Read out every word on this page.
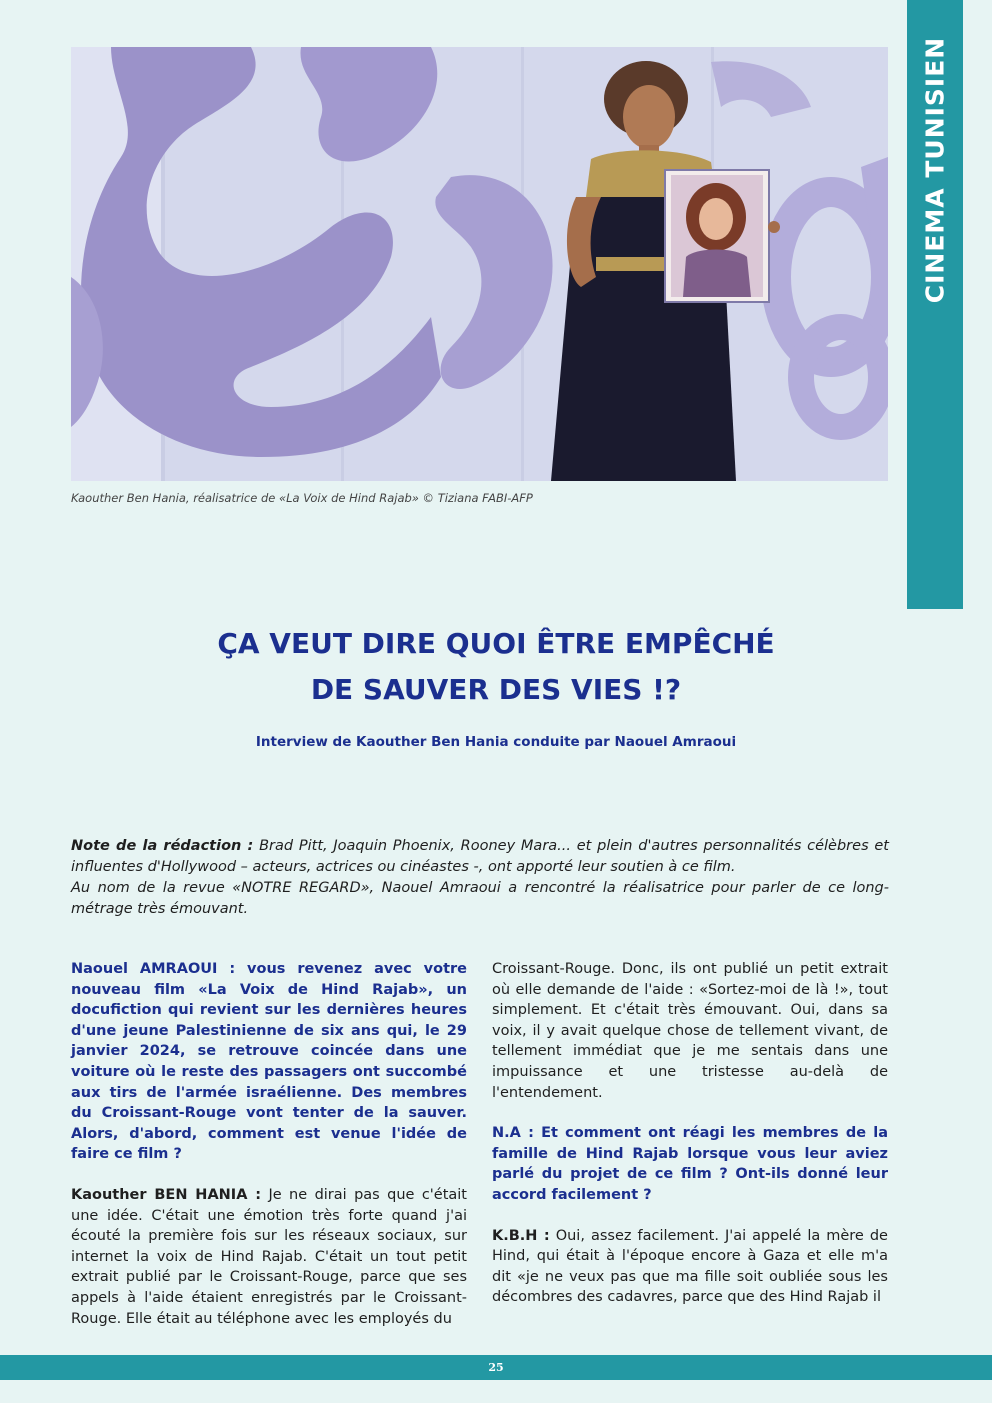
Kaouther Ben Hania, réalisatrice de «La Voix de Hind Rajab» © Tiziana FABI-AFP
CINEMA TUNISIEN
ÇA VEUT DIRE QUOI ÊTRE EMPÊCHÉ
DE SAUVER DES VIES !?

Interview de Kaouther Ben Hania conduite par Naouel Amraoui

Note de la rédaction : Brad Pitt, Joaquin Phoenix, Rooney Mara... et plein d'autres personnalités célèbres et influentes d'Hollywood – acteurs, actrices ou cinéastes -, ont apporté leur soutien à ce film.
Au nom de la revue «NOTRE REGARD», Naouel Amraoui a rencontré la réalisatrice pour parler de ce long-métrage très émouvant.

Naouel AMRAOUI : vous revenez avec votre nouveau film «La Voix de Hind Rajab», un docufiction qui revient sur les dernières heures d'une jeune Palestinienne de six ans qui, le 29 janvier 2024, se retrouve coincée dans une voiture où le reste des passagers ont succombé aux tirs de l'armée israélienne. Des membres du Croissant-Rouge vont tenter de la sauver. Alors, d'abord, comment est venue l'idée de faire ce film ?

Kaouther BEN HANIA : Je ne dirai pas que c'était une idée. C'était une émotion très forte quand j'ai écouté la première fois sur les réseaux sociaux, sur internet la voix de Hind Rajab. C'était un tout petit extrait publié par le Croissant-Rouge, parce que ses appels à l'aide étaient enregistrés par le Croissant-Rouge. Elle était au téléphone avec les employés du

Croissant-Rouge. Donc, ils ont publié un petit extrait où elle demande de l'aide : «Sortez-moi de là !», tout simplement. Et c'était très émouvant. Oui, dans sa voix, il y avait quelque chose de tellement vivant, de tellement immédiat que je me sentais dans une impuissance et une tristesse au-delà de l'entendement.

N.A : Et comment ont réagi les membres de la famille de Hind Rajab lorsque vous leur aviez parlé du projet de ce film ? Ont-ils donné leur accord facilement ?

K.B.H : Oui, assez facilement. J'ai appelé la mère de Hind, qui était à l'époque encore à Gaza et elle m'a dit «je ne veux pas que ma fille soit oubliée sous les décombres des cadavres, parce que des Hind Rajab il

25
